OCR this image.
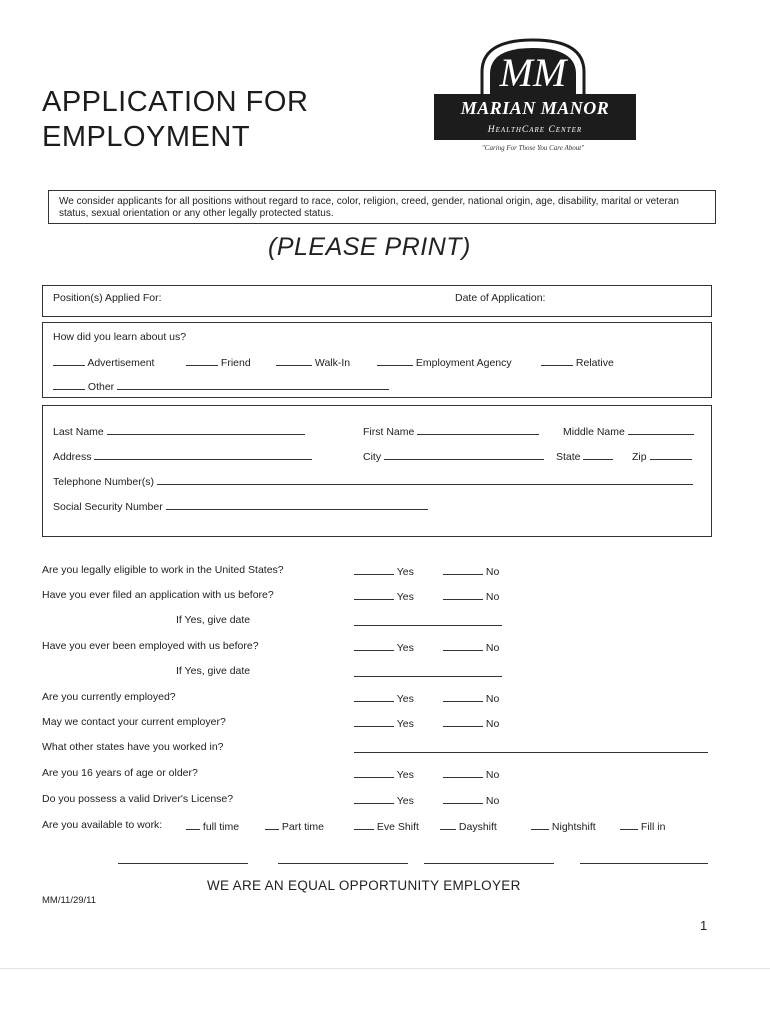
APPLICATION FOR
EMPLOYMENT
MM
MARIAN MANOR
HealthCare Center
"Caring For Those You Care About"
We consider applicants for all positions without regard to race, color, religion, creed, gender, national origin, age, disability, marital or veteran status, sexual orientation or any other legally protected status.
(PLEASE PRINT)
Position(s) Applied For:	Date of Application:
How did you learn about us?
Advertisement	Friend	Walk-In	Employment Agency	Relative
Other
Last Name	First Name	Middle Name
Address	City	State	Zip
Telephone Number(s)
Social Security Number
Are you legally eligible to work in the United States?	Yes	No
Have you ever filed an application with us before?	Yes	No
If Yes, give date
Have you ever been employed with us before?	Yes	No
If Yes, give date
Are you currently employed?	Yes	No
May we contact your current employer?	Yes	No
What other states have you worked in?
Are you 16 years of age or older?	Yes	No
Do you possess a valid Driver's License?	Yes	No
Are you available to work:	full time	Part time	Eve Shift	Dayshift	Nightshift	Fill in
WE ARE AN EQUAL OPPORTUNITY EMPLOYER
MM/11/29/11
1
